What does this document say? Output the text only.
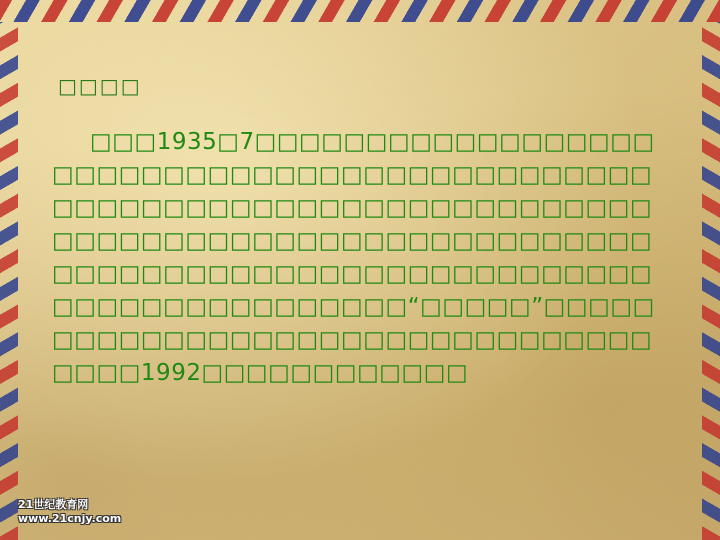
□□□□
□□□1935□7□□□□□□□□□□□□□□□□□□□□□□□□□□□□□□□□□□□□□□□□□□□□□□□□□□□□□□□□□□□□□□□□□□□□□□□□□□□□□□□□□□□□□□□□□□□□□□□□□□□□□□□□□□□□□□□□□□□□□□□□□□□□□□□□□□□□□□□□□□□□□□“□□□□□”□□□□□□□□□□□□□□□□□□□□□□□□□□□□□□□□□□□□1992□□□□□□□□□□□□
21世纪教育网
www.21cnjy.com
